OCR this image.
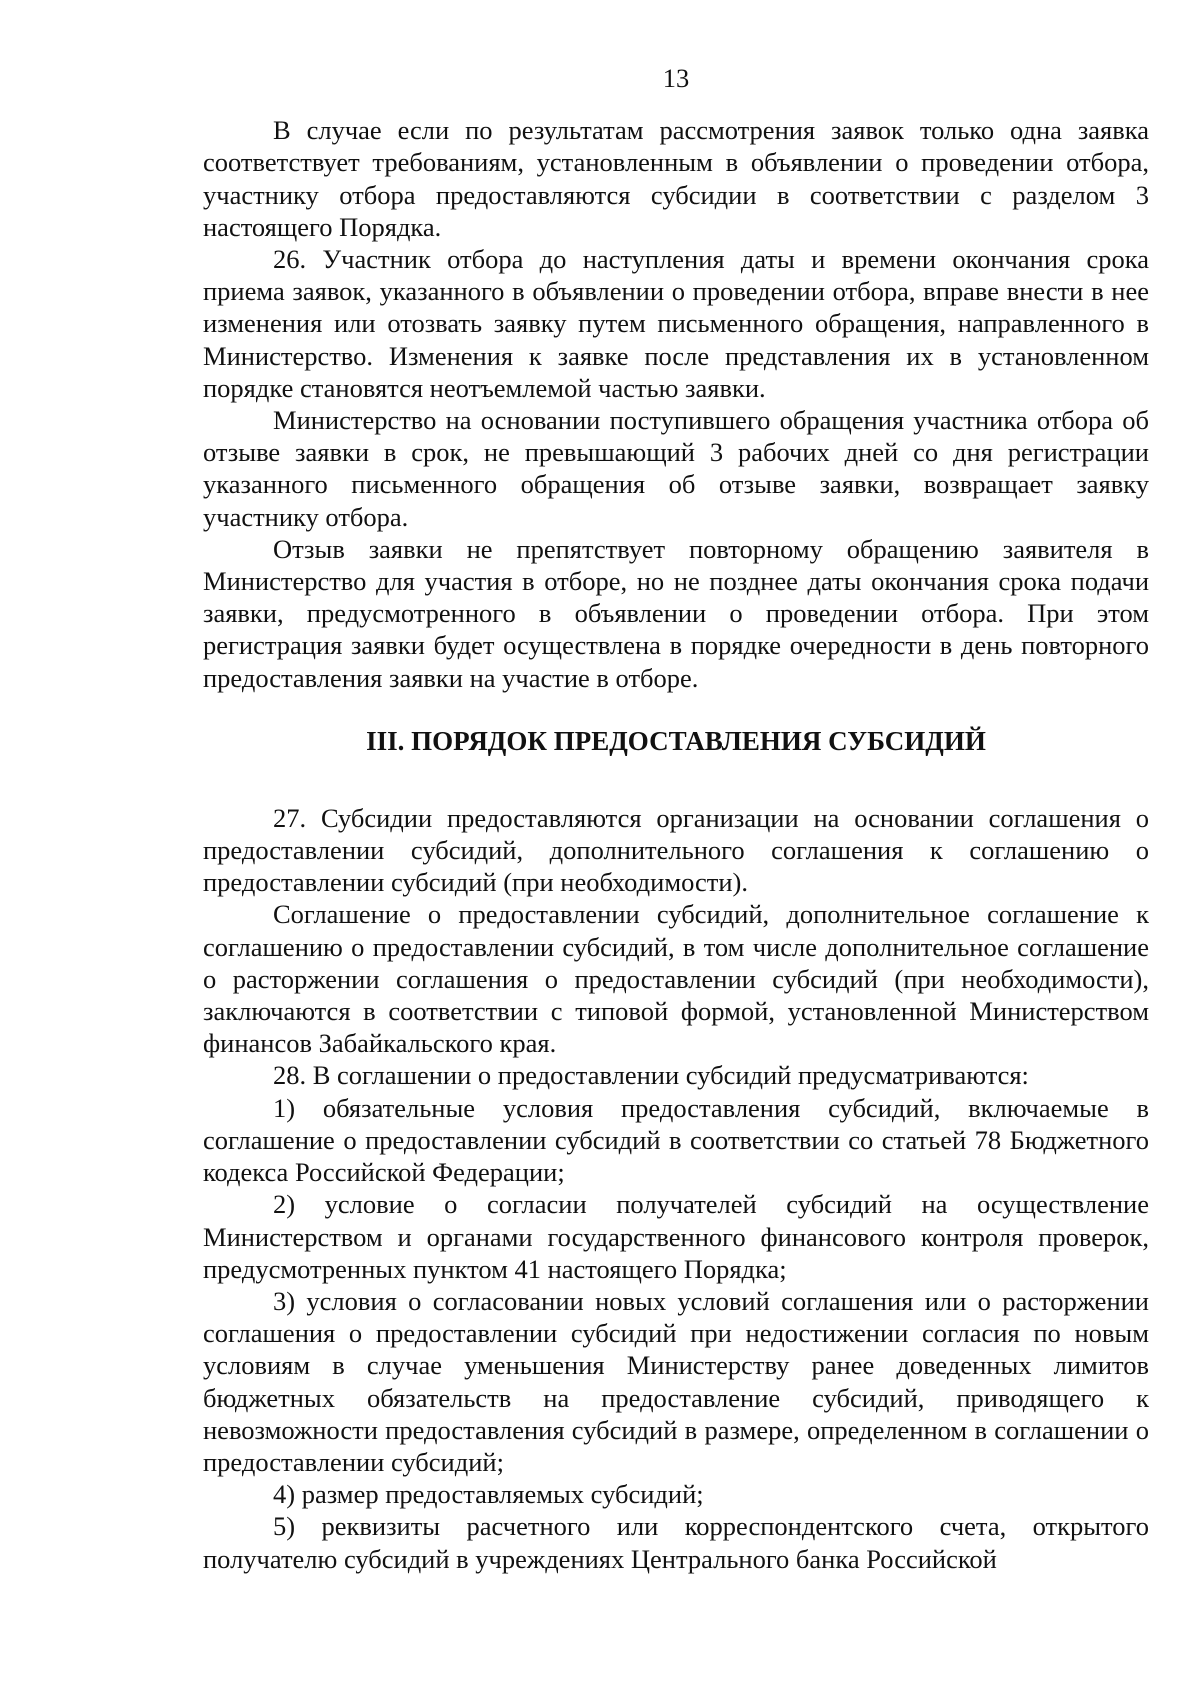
13

В случае если по результатам рассмотрения заявок только одна заявка соответствует требованиям, установленным в объявлении о проведении отбора, участнику отбора предоставляются субсидии в соответствии с разделом 3 настоящего Порядка.

26. Участник отбора до наступления даты и времени окончания срока приема заявок, указанного в объявлении о проведении отбора, вправе внести в нее изменения или отозвать заявку путем письменного обращения, направленного в Министерство. Изменения к заявке после представления их в установленном порядке становятся неотъемлемой частью заявки.

Министерство на основании поступившего обращения участника отбора об отзыве заявки в срок, не превышающий 3 рабочих дней со дня регистрации указанного письменного обращения об отзыве заявки, возвращает заявку участнику отбора.

Отзыв заявки не препятствует повторному обращению заявителя в Министерство для участия в отборе, но не позднее даты окончания срока подачи заявки, предусмотренного в объявлении о проведении отбора. При этом регистрация заявки будет осуществлена в порядке очередности в день повторного предоставления заявки на участие в отборе.

III. ПОРЯДОК ПРЕДОСТАВЛЕНИЯ СУБСИДИЙ

27. Субсидии предоставляются организации на основании соглашения о предоставлении субсидий, дополнительного соглашения к соглашению о предоставлении субсидий (при необходимости).

Соглашение о предоставлении субсидий, дополнительное соглашение к соглашению о предоставлении субсидий, в том числе дополнительное соглашение о расторжении соглашения о предоставлении субсидий (при необходимости), заключаются в соответствии с типовой формой, установленной Министерством финансов Забайкальского края.

28. В соглашении о предоставлении субсидий предусматриваются:

1) обязательные условия предоставления субсидий, включаемые в соглашение о предоставлении субсидий в соответствии со статьей 78 Бюджетного кодекса Российской Федерации;

2) условие о согласии получателей субсидий на осуществление Министерством и органами государственного финансового контроля проверок, предусмотренных пунктом 41 настоящего Порядка;

3) условия о согласовании новых условий соглашения или о расторжении соглашения о предоставлении субсидий при недостижении согласия по новым условиям в случае уменьшения Министерству ранее доведенных лимитов бюджетных обязательств на предоставление субсидий, приводящего к невозможности предоставления субсидий в размере, определенном в соглашении о предоставлении субсидий;

4) размер предоставляемых субсидий;

5) реквизиты расчетного или корреспондентского счета, открытого получателю субсидий в учреждениях Центрального банка Российской
